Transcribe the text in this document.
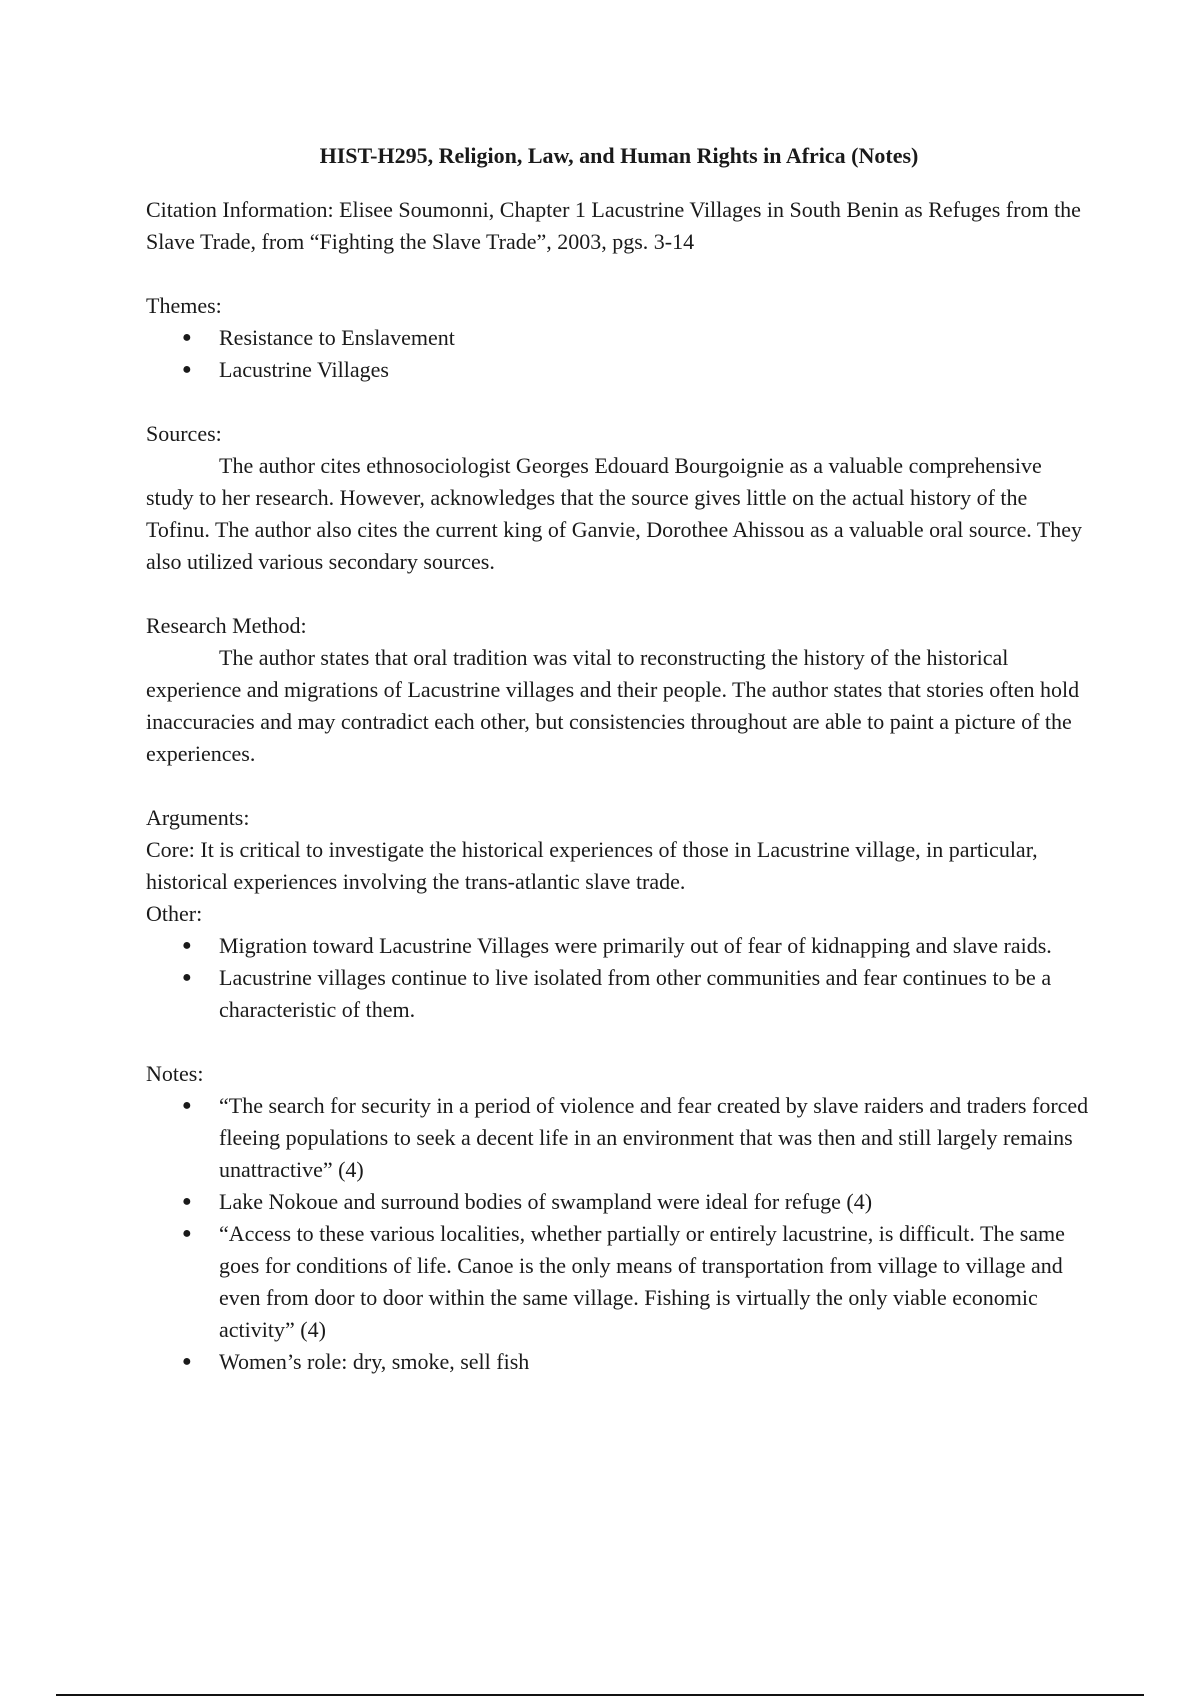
HIST-H295, Religion, Law, and Human Rights in Africa (Notes)

Citation Information: Elisee Soumonni, Chapter 1 Lacustrine Villages in South Benin as Refuges from the Slave Trade, from “Fighting the Slave Trade”, 2003, pgs. 3-14

Themes:

● Resistance to Enslavement
● Lacustrine Villages

Sources:

The author cites ethnosociologist Georges Edouard Bourgoignie as a valuable comprehensive study to her research. However, acknowledges that the source gives little on the actual history of the Tofinu. The author also cites the current king of Ganvie, Dorothee Ahissou as a valuable oral source. They also utilized various secondary sources.

Research Method:

The author states that oral tradition was vital to reconstructing the history of the historical experience and migrations of Lacustrine villages and their people. The author states that stories often hold inaccuracies and may contradict each other, but consistencies throughout are able to paint a picture of the experiences.

Arguments:

Core: It is critical to investigate the historical experiences of those in Lacustrine village, in particular, historical experiences involving the trans-atlantic slave trade.

Other:

● Migration toward Lacustrine Villages were primarily out of fear of kidnapping and slave raids.
● Lacustrine villages continue to live isolated from other communities and fear continues to be a characteristic of them.

Notes:

● “The search for security in a period of violence and fear created by slave raiders and traders forced fleeing populations to seek a decent life in an environment that was then and still largely remains unattractive” (4)
● Lake Nokoue and surround bodies of swampland were ideal for refuge (4)
● “Access to these various localities, whether partially or entirely lacustrine, is difficult. The same goes for conditions of life. Canoe is the only means of transportation from village to village and even from door to door within the same village. Fishing is virtually the only viable economic activity” (4)
● Women’s role: dry, smoke, sell fish
